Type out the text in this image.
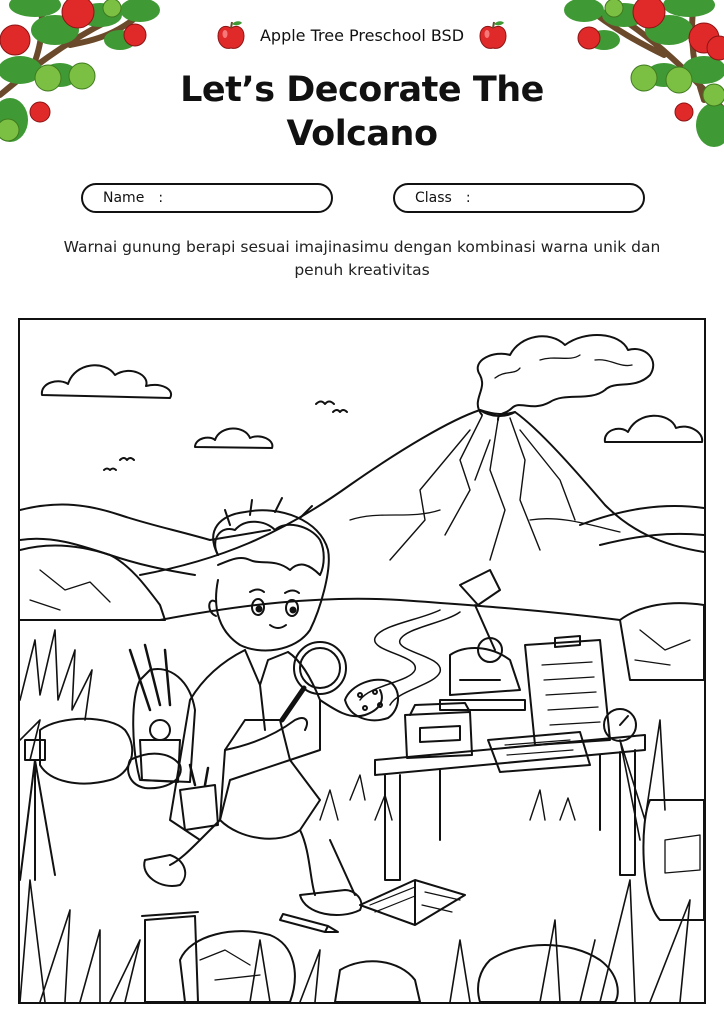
Apple Tree Preschool BSD
Let’s Decorate The
Volcano
Name :	Class :
Warnai gunung berapi sesuai imajinasimu dengan kombinasi warna unik dan penuh kreativitas
